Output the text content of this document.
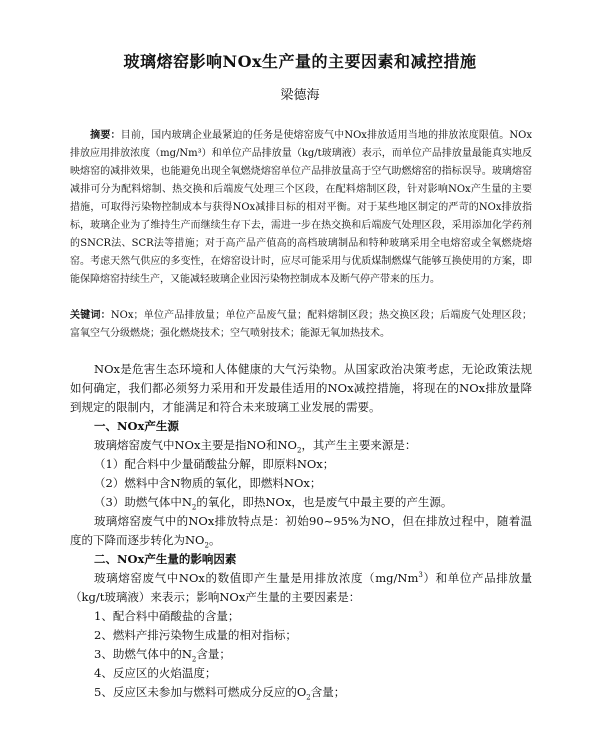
玻璃熔窑影响NOx生产量的主要因素和减控措施
梁德海
摘要：目前，国内玻璃企业最紧迫的任务是使熔窑废气中NOx排放适用当地的排放浓度限值。NOx排放应用排放浓度（mg/Nm³）和单位产品排放量（kg/t玻璃液）表示，而单位产品排放量最能真实地反映熔窑的减排效果，也能避免出现全氧燃烧熔窑单位产品排放量高于空气助燃熔窑的指标误导。玻璃熔窑减排可分为配料熔制、热交换和后端废气处理三个区段，在配料熔制区段，针对影响NOx产生量的主要措施，可取得污染物控制成本与获得NOx减排目标的相对平衡。对于某些地区制定的严苛的NOx排放指标，玻璃企业为了维持生产而继续生存下去，需进一步在热交换和后端废气处理区段，采用添加化学药剂的SNCR法、SCR法等措施；对于高产品产值高的高档玻璃制品和特种玻璃采用全电熔窑或全氧燃烧熔窑。考虑天然气供应的多变性，在熔窑设计时，应尽可能采用与优质煤制燃煤气能够互换使用的方案，即能保障熔窑持续生产，又能减轻玻璃企业因污染物控制成本及断气停产带来的压力。
关键词：NOx；单位产品排放量；单位产品废气量；配料熔制区段；热交换区段；后端废气处理区段；富氧空气分级燃烧；强化燃烧技术；空气喷射技术；能源无氧加热技术。

NOx是危害生态环境和人体健康的大气污染物。从国家政治决策考虑，无论政策法规如何确定，我们都必须努力采用和开发最佳适用的NOx减控措施，将现在的NOx排放量降到规定的限制内，才能满足和符合未来玻璃工业发展的需要。

一、NOx产生源

玻璃熔窑废气中NOx主要是指NO和$NO_2$，其产生主要来源是：

（1）配合料中少量硝酸盐分解，即原料NOx；

（2）燃料中含N物质的氧化，即燃料NOx；

（3）助燃气体中$N_2$的氧化，即热NOx，也是废气中最主要的产生源。

玻璃熔窑废气中的NOx排放特点是：初始90~95%为NO，但在排放过程中，随着温度的下降而逐步转化为$NO_2$。

二、NOx产生量的影响因素

玻璃熔窑废气中NOx的数值即产生量是用排放浓度（mg/Nm$^3$）和单位产品排放量（kg/t玻璃液）来表示；影响NOx产生量的主要因素是：

1、配合料中硝酸盐的含量；

2、燃料产排污染物生成量的相对指标；

3、助燃气体中的$N_2$含量；

4、反应区的火焰温度；

5、反应区未参加与燃料可燃成分反应的$O_2$含量；
